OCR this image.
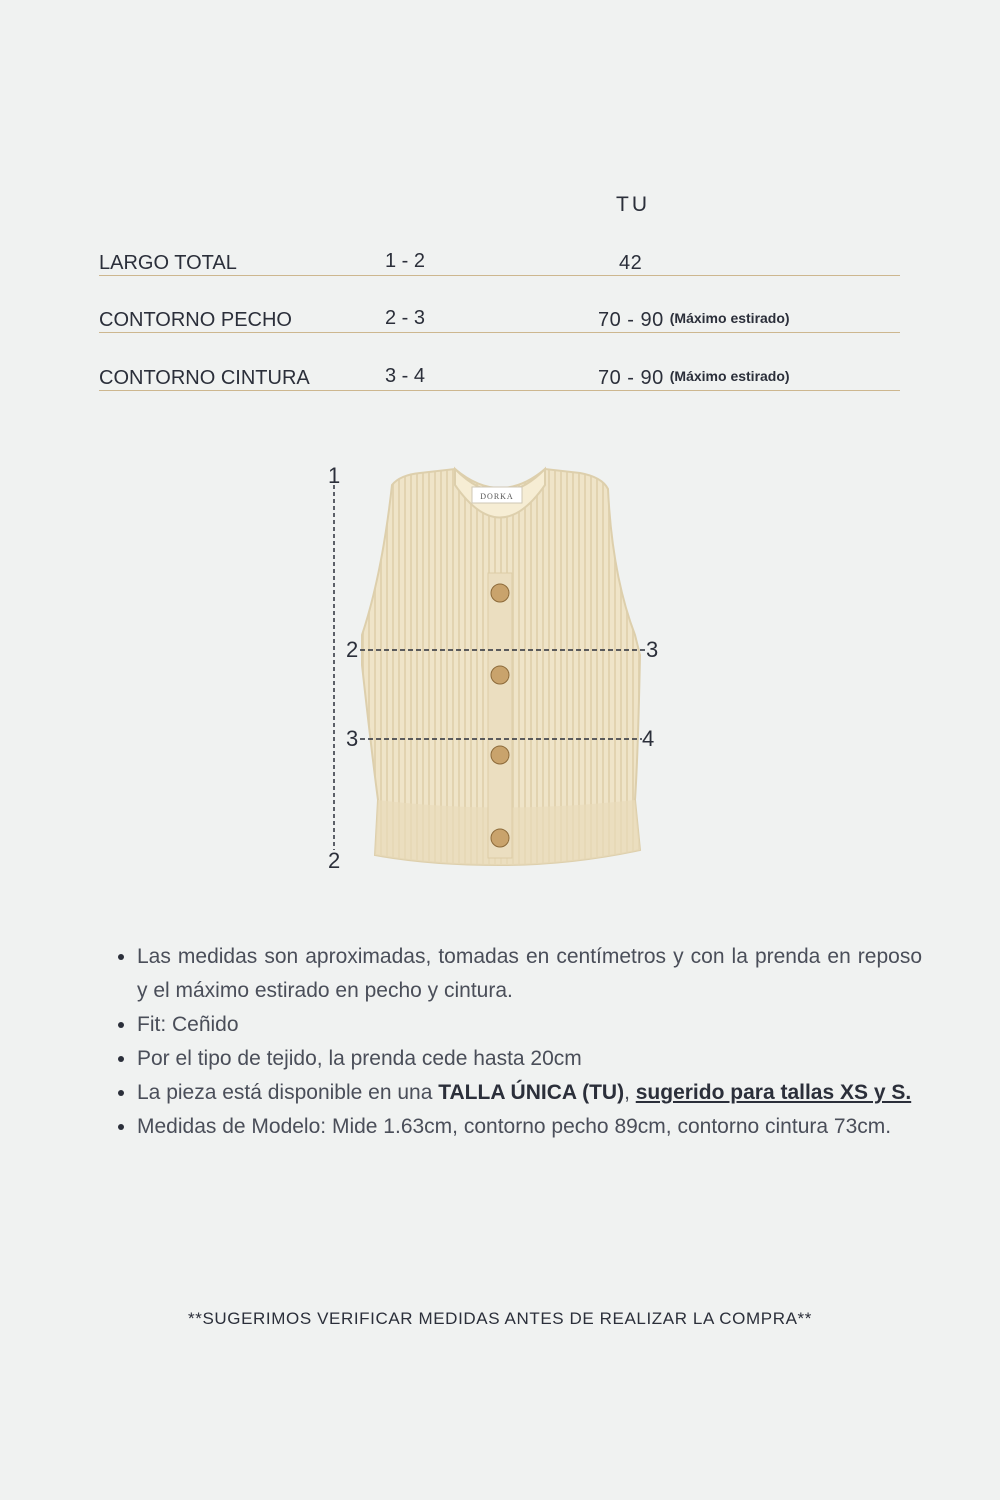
TU
LARGO TOTAL	1 - 2	42
CONTORNO PECHO	2 - 3	70 - 90 (Máximo estirado)
CONTORNO CINTURA	3 - 4	70 - 90 (Máximo estirado)
DORKA
1
2	3
3	4
2
• Las medidas son aproximadas, tomadas en centímetros y con la prenda en reposo y el máximo estirado en pecho y cintura.
• Fit: Ceñido
• Por el tipo de tejido, la prenda cede hasta 20cm
• La pieza está disponible en una TALLA ÚNICA (TU), sugerido para tallas XS y S.
• Medidas de Modelo: Mide 1.63cm, contorno pecho 89cm, contorno cintura 73cm.
**SUGERIMOS VERIFICAR MEDIDAS ANTES DE REALIZAR LA COMPRA**
